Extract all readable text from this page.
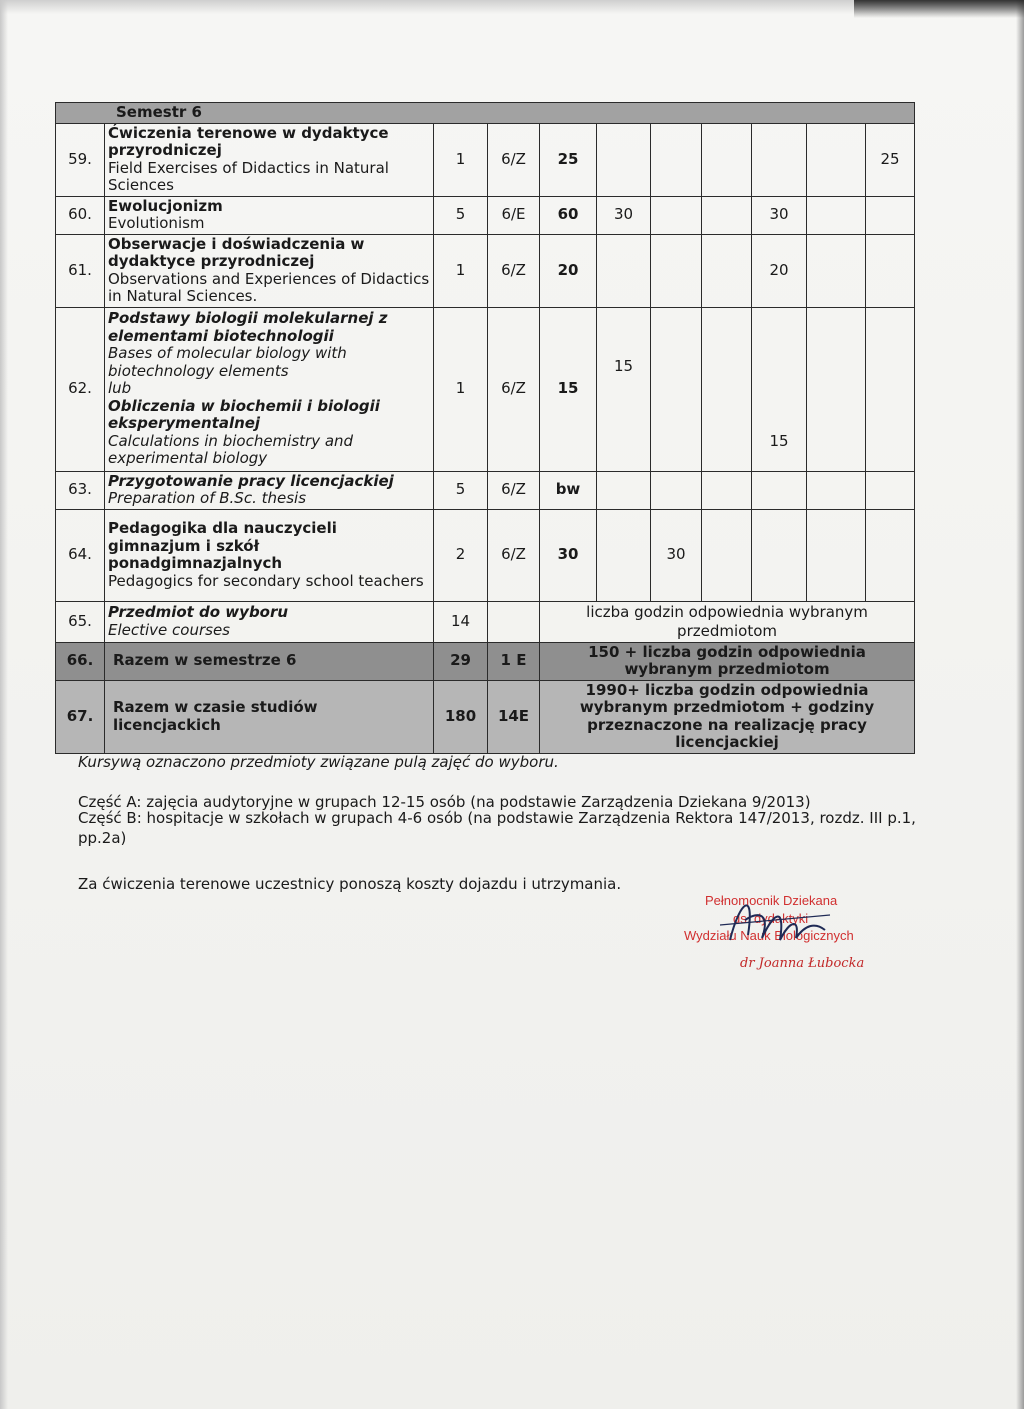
Semestr 6										
59.	Ćwiczenia terenowe w dydaktyce przyrodniczej
Field Exercises of Didactics in Natural Sciences	1	6/Z	25						25
60.	Ewolucjonizm
Evolutionism	5	6/E	60	30			30		
61.	Obserwacje i doświadczenia w dydaktyce przyrodniczej
Observations and Experiences of Didactics in Natural Sciences.	1	6/Z	20				20		
62.	Podstawy biologii molekularnej z elementami biotechnologii
Bases of molecular biology with biotechnology elements
lub
Obliczenia w biochemii i biologii eksperymentalnej
Calculations in biochemistry and experimental biology	1	6/Z	15	15			15		
63.	Przygotowanie pracy licencjackiej
Preparation of B.Sc. thesis	5	6/Z	bw						
64.	Pedagogika dla nauczycieli gimnazjum i szkół ponadgimnazjalnych
Pedagogics for secondary school teachers	2	6/Z	30		30				
65.	Przedmiot do wyboru
Elective courses	14		liczba godzin odpowiednia wybranym przedmiotom						
66.	Razem w semestrze 6	29	1 E	150 + liczba godzin odpowiednia wybranym przedmiotom						
67.	Razem w czasie studiów licencjackich	180	14E	1990+ liczba godzin odpowiednia wybranym przedmiotom + godziny przeznaczone na realizację pracy licencjackiej						
Kursywą oznaczono przedmioty związane pulą zajęć do wyboru.
Część A: zajęcia audytoryjne w grupach 12-15 osób (na podstawie Zarządzenia Dziekana 9/2013)
Część B: hospitacje w szkołach w grupach 4-6 osób (na podstawie Zarządzenia Rektora 147/2013, rozdz. III p.1, pp.2a)
Za ćwiczenia terenowe uczestnicy ponoszą koszty dojazdu i utrzymania.
Pełnomocnik Dziekana
ds. dydaktyki
Wydziału Nauk Biologicznych
dr Joanna Łubocka
